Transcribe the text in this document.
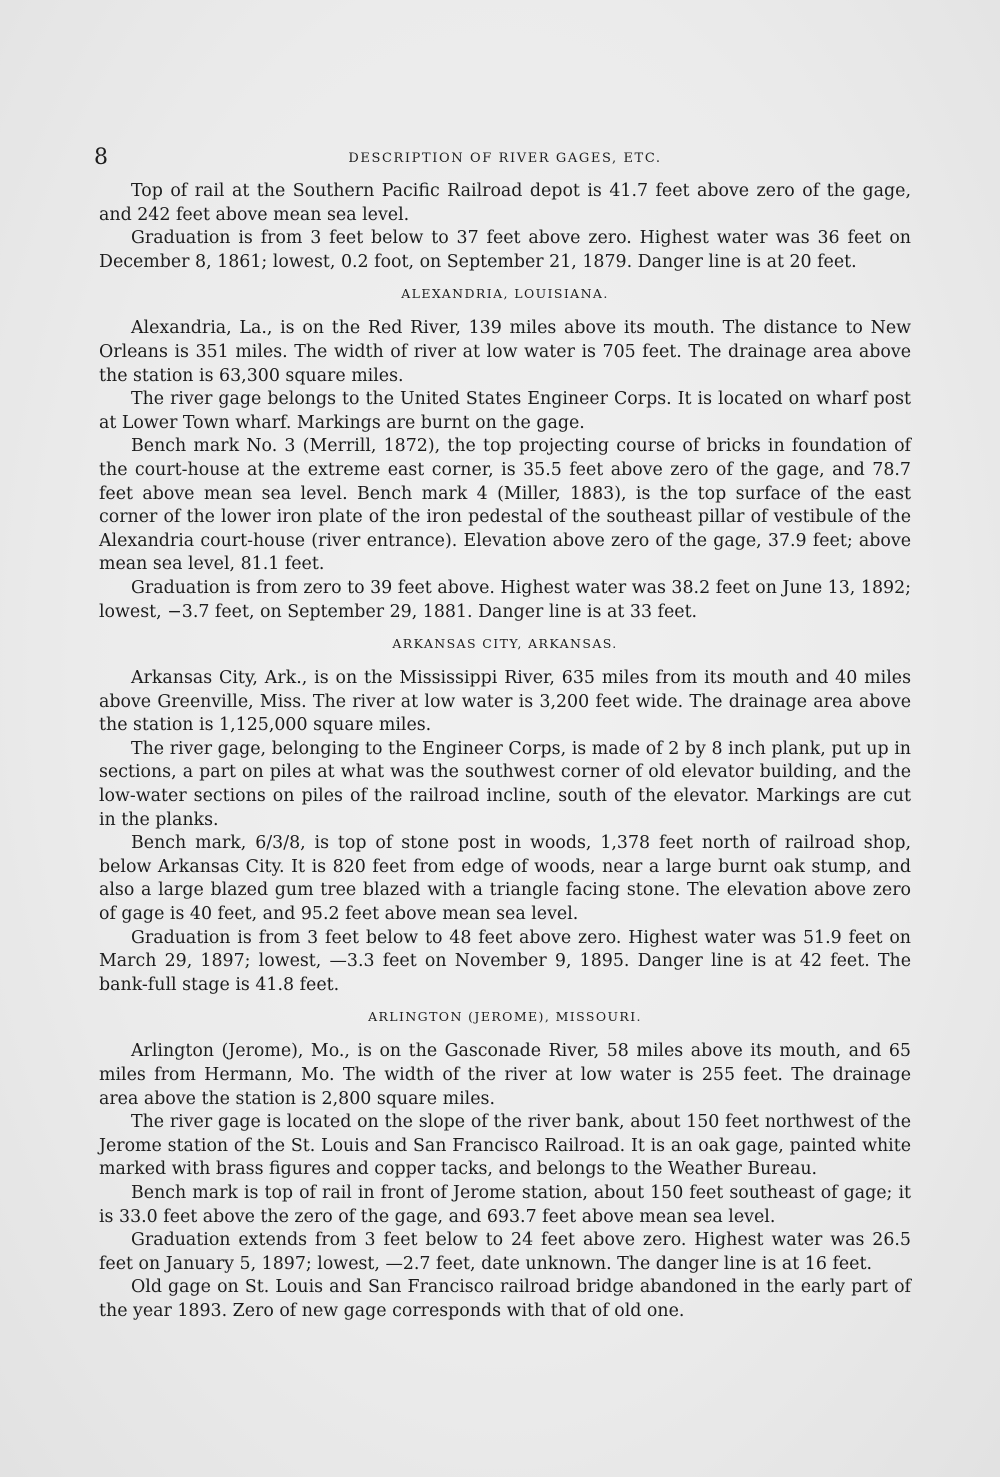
8	DESCRIPTION OF RIVER GAGES, ETC.

Top of rail at the Southern Pacific Railroad depot is 41.7 feet above zero of the gage, and 242 feet above mean sea level.

Graduation is from 3 feet below to 37 feet above zero. Highest water was 36 feet on December 8, 1861; lowest, 0.2 foot, on September 21, 1879. Danger line is at 20 feet.

ALEXANDRIA, LOUISIANA.

Alexandria, La., is on the Red River, 139 miles above its mouth. The distance to New Orleans is 351 miles. The width of river at low water is 705 feet. The drainage area above the station is 63,300 square miles.

The river gage belongs to the United States Engineer Corps. It is located on wharf post at Lower Town wharf. Markings are burnt on the gage.

Bench mark No. 3 (Merrill, 1872), the top projecting course of bricks in foundation of the court-house at the extreme east corner, is 35.5 feet above zero of the gage, and 78.7 feet above mean sea level. Bench mark 4 (Miller, 1883), is the top surface of the east corner of the lower iron plate of the iron pedestal of the southeast pillar of vestibule of the Alexandria court-house (river entrance). Elevation above zero of the gage, 37.9 feet; above mean sea level, 81.1 feet.

Graduation is from zero to 39 feet above. Highest water was 38.2 feet on June 13, 1892; lowest, −3.7 feet, on September 29, 1881. Danger line is at 33 feet.

ARKANSAS CITY, ARKANSAS.

Arkansas City, Ark., is on the Mississippi River, 635 miles from its mouth and 40 miles above Greenville, Miss. The river at low water is 3,200 feet wide. The drainage area above the station is 1,125,000 square miles.

The river gage, belonging to the Engineer Corps, is made of 2 by 8 inch plank, put up in sections, a part on piles at what was the southwest corner of old elevator building, and the low-water sections on piles of the railroad incline, south of the elevator. Markings are cut in the planks.

Bench mark, 6/3/8, is top of stone post in woods, 1,378 feet north of railroad shop, below Arkansas City. It is 820 feet from edge of woods, near a large burnt oak stump, and also a large blazed gum tree blazed with a triangle facing stone. The elevation above zero of gage is 40 feet, and 95.2 feet above mean sea level.

Graduation is from 3 feet below to 48 feet above zero. Highest water was 51.9 feet on March 29, 1897; lowest, —3.3 feet on November 9, 1895. Danger line is at 42 feet. The bank-full stage is 41.8 feet.

ARLINGTON (JEROME), MISSOURI.

Arlington (Jerome), Mo., is on the Gasconade River, 58 miles above its mouth, and 65 miles from Hermann, Mo. The width of the river at low water is 255 feet. The drainage area above the station is 2,800 square miles.

The river gage is located on the slope of the river bank, about 150 feet northwest of the Jerome station of the St. Louis and San Francisco Railroad. It is an oak gage, painted white marked with brass figures and copper tacks, and belongs to the Weather Bureau.

Bench mark is top of rail in front of Jerome station, about 150 feet southeast of gage; it is 33.0 feet above the zero of the gage, and 693.7 feet above mean sea level.

Graduation extends from 3 feet below to 24 feet above zero. Highest water was 26.5 feet on January 5, 1897; lowest, —2.7 feet, date unknown. The danger line is at 16 feet.

Old gage on St. Louis and San Francisco railroad bridge abandoned in the early part of the year 1893. Zero of new gage corresponds with that of old one.
